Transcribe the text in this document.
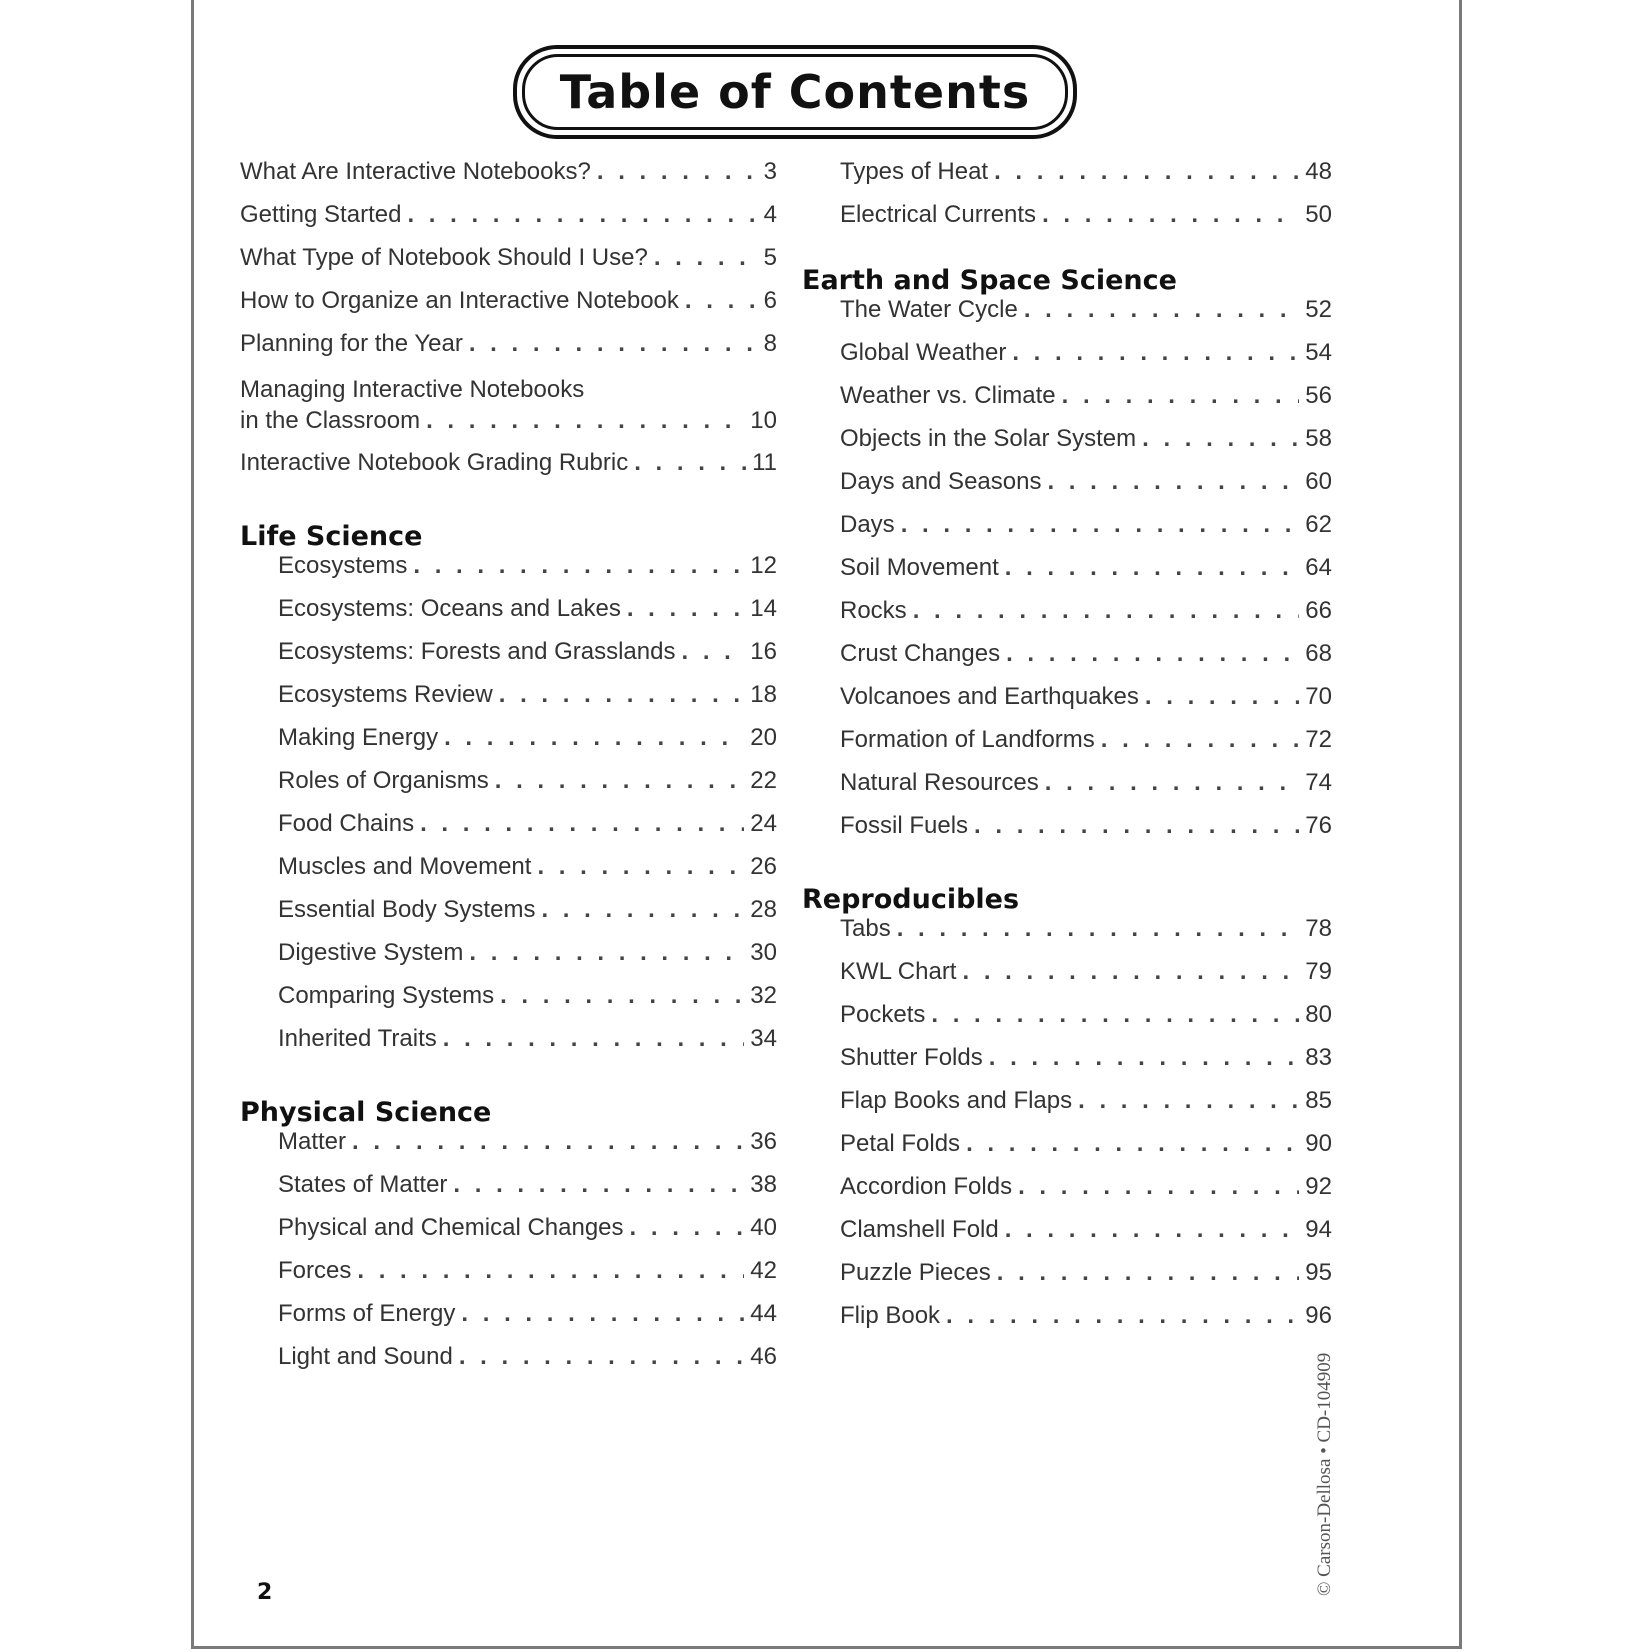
Table of Contents
What Are Interactive Notebooks? . . .	3
Getting Started . . .	4
What Type of Notebook Should I Use? . . .	5
How to Organize an Interactive Notebook . . .	6
Planning for the Year . . .	8
Managing Interactive Notebooks
in the Classroom . . .	10
Interactive Notebook Grading Rubric . . .	11
Life Science
Ecosystems . . .	12
Ecosystems: Oceans and Lakes . . .	14
Ecosystems: Forests and Grasslands . . .	16
Ecosystems Review . . .	18
Making Energy . . .	20
Roles of Organisms . . .	22
Food Chains . . .	24
Muscles and Movement . . .	26
Essential Body Systems . . .	28
Digestive System . . .	30
Comparing Systems . . .	32
Inherited Traits . . .	34
Physical Science
Matter . . .	36
States of Matter . . .	38
Physical and Chemical Changes . . .	40
Forces . . .	42
Forms of Energy . . .	44
Light and Sound . . .	46
Types of Heat . . .	48
Electrical Currents . . .	50
Earth and Space Science
The Water Cycle . . .	52
Global Weather . . .	54
Weather vs. Climate . . .	56
Objects in the Solar System . . .	58
Days and Seasons . . .	60
Days . . .	62
Soil Movement . . .	64
Rocks . . .	66
Crust Changes . . .	68
Volcanoes and Earthquakes . . .	70
Formation of Landforms . . .	72
Natural Resources . . .	74
Fossil Fuels . . .	76
Reproducibles
Tabs . . .	78
KWL Chart . . .	79
Pockets . . .	80
Shutter Folds . . .	83
Flap Books and Flaps . . .	85
Petal Folds . . .	90
Accordion Folds . . .	92
Clamshell Fold . . .	94
Puzzle Pieces . . .	95
Flip Book . . .	96
2	© Carson-Dellosa • CD-104909
